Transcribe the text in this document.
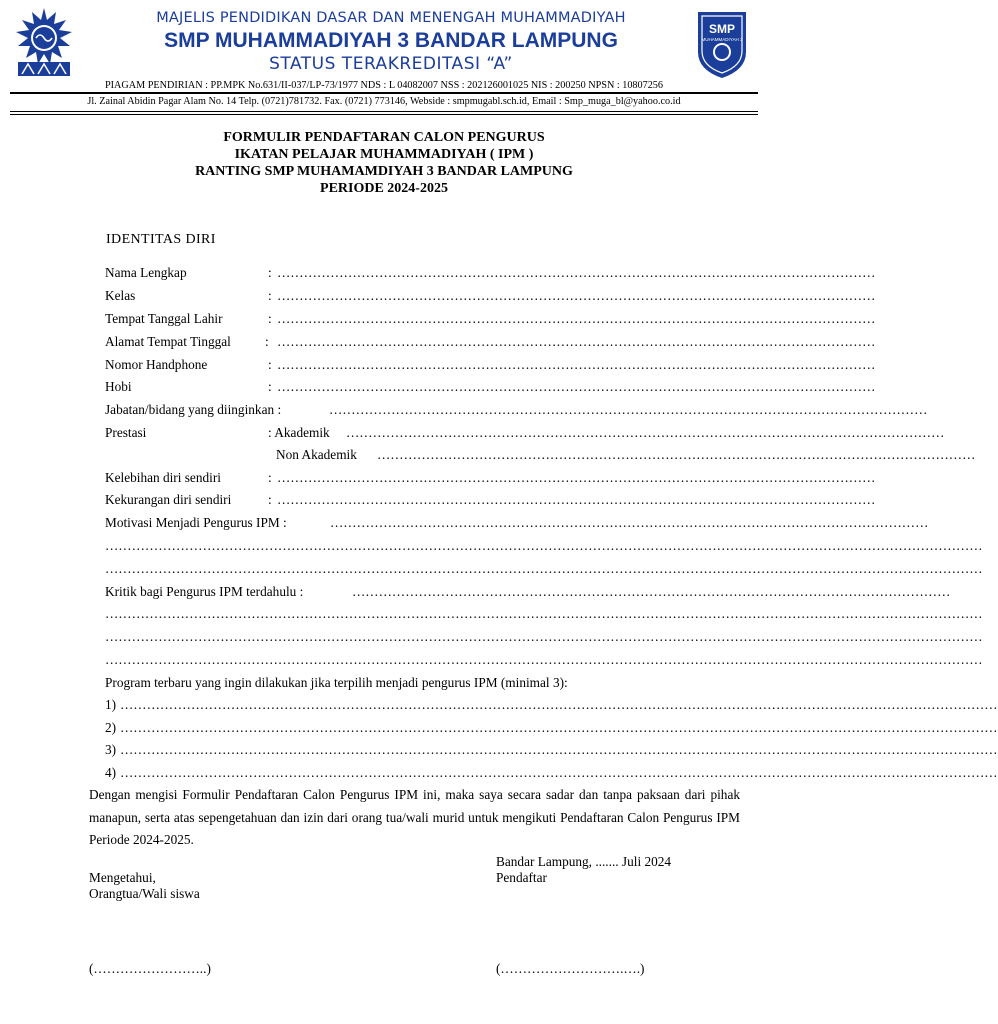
MAJELIS PENDIDIKAN DASAR DAN MENENGAH MUHAMMADIYAH
SMP MUHAMMADIYAH 3 BANDAR LAMPUNG
STATUS TERAKREDITASI “A”
SMP
MUHAMMADIYAH 3
PIAGAM PENDIRIAN : PP.MPK No.631/II-037/LP-73/1977 NDS : L 04082007 NSS : 202126001025 NIS : 200250 NPSN : 10807256
Jl. Zainal Abidin Pagar Alam No. 14 Telp. (0721)781732. Fax. (0721) 773146, Webside : smpmugabl.sch.id, Email : Smp_muga_bl@yahoo.co.id
FORMULIR PENDAFTARAN CALON PENGURUS
IKATAN PELAJAR MUHAMMADIYAH ( IPM )
RANTING SMP MUHAMAMDIYAH 3 BANDAR LAMPUNG
PERIODE 2024-2025
IDENTITAS DIRI
Nama Lengkap	: ………………………………………………………………………………………………………………………
Kelas	: ………………………………………………………………………………………………………………………
Tempat Tanggal Lahir	: ………………………………………………………………………………………………………………………
Alamat Tempat Tinggal	: ………………………………………………………………………………………………………………………
Nomor Handphone	: ………………………………………………………………………………………………………………………
Hobi	: ………………………………………………………………………………………………………………………
Jabatan/bidang yang diinginkan :	………………………………………………………………………………………………………………………
Prestasi	: Akademik ………………………………………………………………………………………………………………………
Non Akademik ………………………………………………………………………………………………………………………
Kelebihan diri sendiri	: ………………………………………………………………………………………………………………………
Kekurangan diri sendiri	: ………………………………………………………………………………………………………………………
Motivasi Menjadi Pengurus IPM :	………………………………………………………………………………………………………………………
………………………………………………………………………………………………………………………………………………………………………………
………………………………………………………………………………………………………………………………………………………………………………
Kritik bagi Pengurus IPM terdahulu :	………………………………………………………………………………………………………………………
………………………………………………………………………………………………………………………………………………………………………………
………………………………………………………………………………………………………………………………………………………………………………
………………………………………………………………………………………………………………………………………………………………………………
Program terbaru yang ingin dilakukan jika terpilih menjadi pengurus IPM (minimal 3):
1) ………………………………………………………………………………………………………………………………………………………………………………
2) ………………………………………………………………………………………………………………………………………………………………………………
3) ………………………………………………………………………………………………………………………………………………………………………………
4) ………………………………………………………………………………………………………………………………………………………………………………
Dengan mengisi Formulir Pendaftaran Calon Pengurus IPM ini, maka saya secara sadar dan tanpa paksaan dari pihak manapun, serta atas sepengetahuan dan izin dari orang tua/wali murid untuk mengikuti Pendaftaran Calon Pengurus IPM Periode 2024-2025.
Bandar Lampung, ....... Juli 2024
Pendaftar
Mengetahui,
Orangtua/Wali siswa
(……………………..)	(……………………….….)
